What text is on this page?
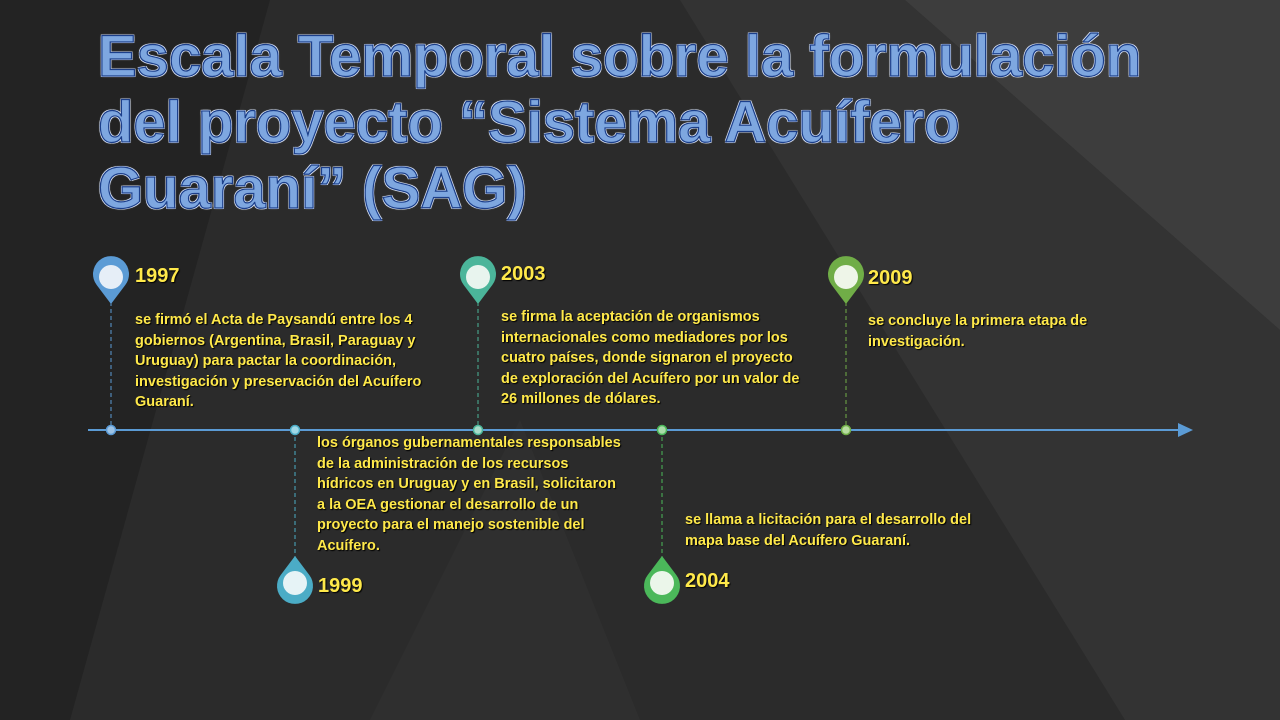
Escala Temporal sobre la formulación del proyecto “Sistema Acuífero Guaraní” (SAG)
1997
1999
2003
2004
2009

se firmó el Acta de Paysandú entre los 4 gobiernos (Argentina, Brasil, Paraguay y Uruguay) para pactar la coordinación, investigación y preservación del Acuífero Guaraní.

los órganos gubernamentales responsables de la administración de los recursos hídricos en Uruguay y en Brasil, solicitaron a la OEA gestionar el desarrollo de un proyecto para el manejo sostenible del Acuífero.

se firma la aceptación de organismos internacionales como mediadores por los cuatro países, donde signaron el proyecto de exploración del Acuífero por un valor de 26 millones de dólares.

se llama a licitación para el desarrollo del mapa base del Acuífero Guaraní.

se concluye la primera etapa de investigación.
